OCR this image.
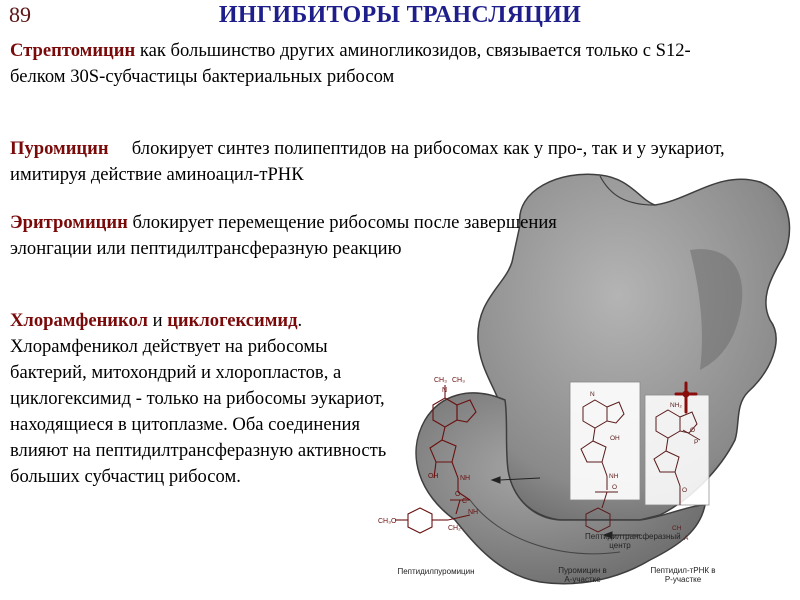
89	ИНГИБИТОРЫ ТРАНСЛЯЦИИ
CH₃
N
CH₃
OH	NH
O
C
CH₃O
CH₂
NH
N
OH
NH
O
NH₂
O
P
O
CH
A
Пептидилпуромицин
Пептидилтрансферазный центр
Пуромицин в А-участке
Пептидил-тРНК в Р-участке
Стрептомицин как большинство других аминогликозидов, связывается только с S12-белком 30S-субчастицы бактериальных рибосом
Пуромицин     блокирует синтез полипептидов на рибосомах как у про-, так и у эукариот, имитируя действие аминоацил-тРНК
Эритромицин блокирует перемещение рибосомы после завершения элонгации или пептидилтрансферазную реакцию
Хлорамфеникол и циклогексимид. Хлорамфеникол действует на рибосомы бактерий, митохондрий и хлоропластов, а циклогексимид - только на рибосомы эукариот, находящиеся в цитоплазме. Оба соединения влияют на пептидилтрансферазную активность больших субчастиц рибосом.
